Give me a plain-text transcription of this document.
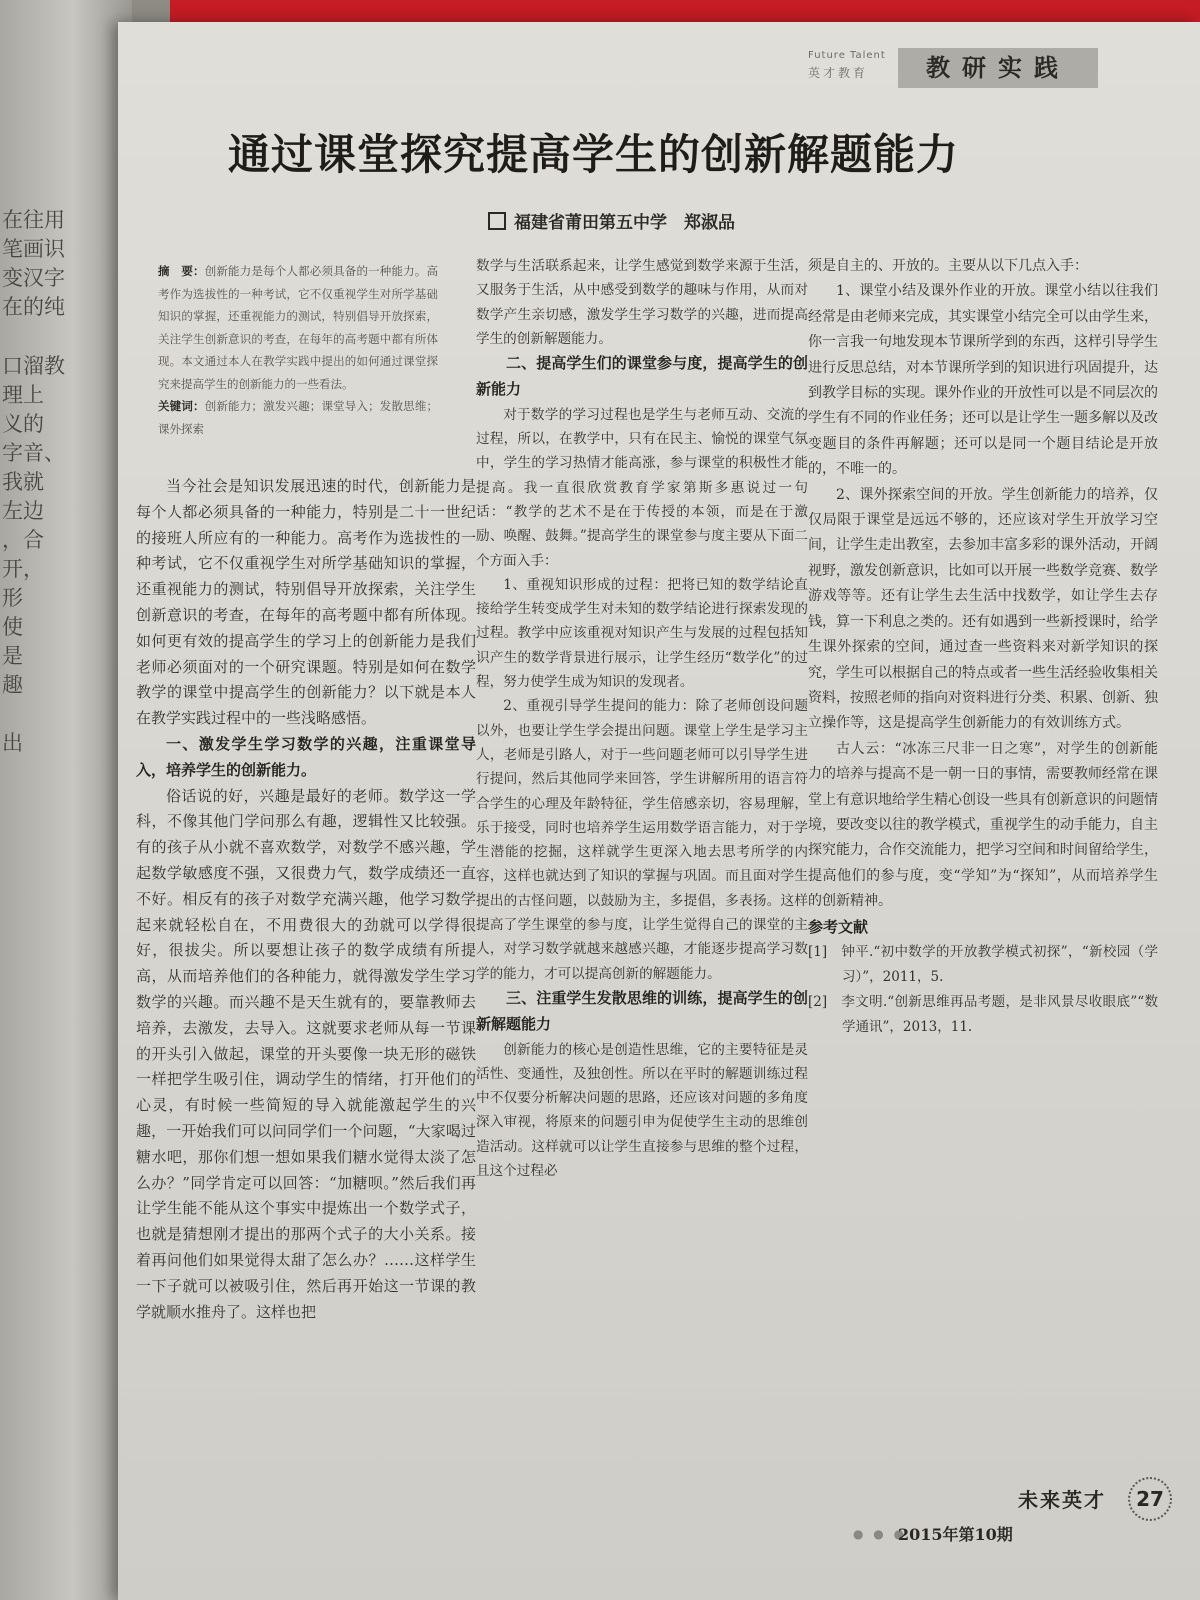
在往用
笔画识
变汉字
在的纯
口溜教
理上
义的
字音、
我就
左边
，合
开，
形
使
是
趣
出
Future Talent
英才教育	教研实践
通过课堂探究提高学生的创新解题能力
福建省莆田第五中学　郑淑品

摘　要：创新能力是每个人都必须具备的一种能力。高考作为选拔性的一种考试，它不仅重视学生对所学基础知识的掌握，还重视能力的测试，特别倡导开放探索，关注学生创新意识的考查，在每年的高考题中都有所体现。本文通过本人在教学实践中提出的如何通过课堂探究来提高学生的创新能力的一些看法。

关键词：创新能力；激发兴趣；课堂导入；发散思维；课外探索

当今社会是知识发展迅速的时代，创新能力是每个人都必须具备的一种能力，特别是二十一世纪的接班人所应有的一种能力。高考作为选拔性的一种考试，它不仅重视学生对所学基础知识的掌握，还重视能力的测试，特别倡导开放探索，关注学生创新意识的考查，在每年的高考题中都有所体现。如何更有效的提高学生的学习上的创新能力是我们老师必须面对的一个研究课题。特别是如何在数学教学的课堂中提高学生的创新能力？以下就是本人在教学实践过程中的一些浅略感悟。

一、激发学生学习数学的兴趣，注重课堂导入，培养学生的创新能力。

俗话说的好，兴趣是最好的老师。数学这一学科，不像其他门学问那么有趣，逻辑性又比较强。有的孩子从小就不喜欢数学，对数学不感兴趣，学起数学敏感度不强，又很费力气，数学成绩还一直不好。相反有的孩子对数学充满兴趣，他学习数学起来就轻松自在，不用费很大的劲就可以学得很好，很拔尖。所以要想让孩子的数学成绩有所提高，从而培养他们的各种能力，就得激发学生学习数学的兴趣。而兴趣不是天生就有的，要靠教师去培养，去激发，去导入。这就要求老师从每一节课的开头引入做起，课堂的开头要像一块无形的磁铁一样把学生吸引住，调动学生的情绪，打开他们的心灵，有时候一些简短的导入就能激起学生的兴趣，一开始我们可以问同学们一个问题，“大家喝过糖水吧，那你们想一想如果我们糖水觉得太淡了怎么办？”同学肯定可以回答：“加糖呗。”然后我们再让学生能不能从这个事实中提炼出一个数学式子，也就是猜想刚才提出的那两个式子的大小关系。接着再问他们如果觉得太甜了怎么办？……这样学生一下子就可以被吸引住，然后再开始这一节课的教学就顺水推舟了。这样也把

数学与生活联系起来，让学生感觉到数学来源于生活，又服务于生活，从中感受到数学的趣味与作用，从而对数学产生亲切感，激发学生学习数学的兴趣，进而提高学生的创新解题能力。

二、提高学生们的课堂参与度，提高学生的创新能力

对于数学的学习过程也是学生与老师互动、交流的过程，所以，在教学中，只有在民主、愉悦的课堂气氛中，学生的学习热情才能高涨，参与课堂的积极性才能提高。我一直很欣赏教育学家第斯多惠说过一句话：“教学的艺术不是在于传授的本领，而是在于激励、唤醒、鼓舞。”提高学生的课堂参与度主要从下面二个方面入手：

1、重视知识形成的过程：把将已知的数学结论直接给学生转变成学生对未知的数学结论进行探索发现的过程。教学中应该重视对知识产生与发展的过程包括知识产生的数学背景进行展示，让学生经历“数学化”的过程，努力使学生成为知识的发现者。

2、重视引导学生提问的能力：除了老师创设问题以外，也要让学生学会提出问题。课堂上学生是学习主人，老师是引路人，对于一些问题老师可以引导学生进行提问，然后其他同学来回答，学生讲解所用的语言符合学生的心理及年龄特征，学生倍感亲切，容易理解，乐于接受，同时也培养学生运用数学语言能力，对于学生潜能的挖掘，这样就学生更深入地去思考所学的内容，这样也就达到了知识的掌握与巩固。而且面对学生提出的古怪问题，以鼓励为主，多提倡，多表扬。这样提高了学生课堂的参与度，让学生觉得自己的课堂的主人，对学习数学就越来越感兴趣，才能逐步提高学习数学的能力，才可以提高创新的解题能力。

三、注重学生发散思维的训练，提高学生的创新解题能力

创新能力的核心是创造性思维，它的主要特征是灵活性、变通性，及独创性。所以在平时的解题训练过程中不仅要分析解决问题的思路，还应该对问题的多角度深入审视，将原来的问题引申为促使学生主动的思维创造活动。这样就可以让学生直接参与思维的整个过程，且这个过程必

须是自主的、开放的。主要从以下几点入手：

1、课堂小结及课外作业的开放。课堂小结以往我们经常是由老师来完成，其实课堂小结完全可以由学生来，你一言我一句地发现本节课所学到的东西，这样引导学生进行反思总结，对本节课所学到的知识进行巩固提升，达到教学目标的实现。课外作业的开放性可以是不同层次的学生有不同的作业任务；还可以是让学生一题多解以及改变题目的条件再解题；还可以是同一个题目结论是开放的，不唯一的。

2、课外探索空间的开放。学生创新能力的培养，仅仅局限于课堂是远远不够的，还应该对学生开放学习空间，让学生走出教室，去参加丰富多彩的课外活动，开阔视野，激发创新意识，比如可以开展一些数学竞赛、数学游戏等等。还有让学生去生活中找数学，如让学生去存钱，算一下利息之类的。还有如遇到一些新授课时，给学生课外探索的空间，通过查一些资料来对新学知识的探究，学生可以根据自己的特点或者一些生活经验收集相关资料，按照老师的指向对资料进行分类、积累、创新、独立操作等，这是提高学生创新能力的有效训练方式。

古人云：“冰冻三尺非一日之寒”，对学生的创新能力的培养与提高不是一朝一日的事情，需要教师经常在课堂上有意识地给学生精心创设一些具有创新意识的问题情境，要改变以往的教学模式，重视学生的动手能力，自主探究能力，合作交流能力，把学习空间和时间留给学生，提高他们的参与度，变“学知”为“探知”，从而培养学生的创新精神。

参考文献

[1]　钟平.“初中数学的开放教学模式初探”，“新校园（学习）”，2011，5.

[2]　李文明.“创新思维再品考题，是非风景尽收眼底”“数学通讯”，2013，11.

未来英才	27
● ● ●
2015年第10期
